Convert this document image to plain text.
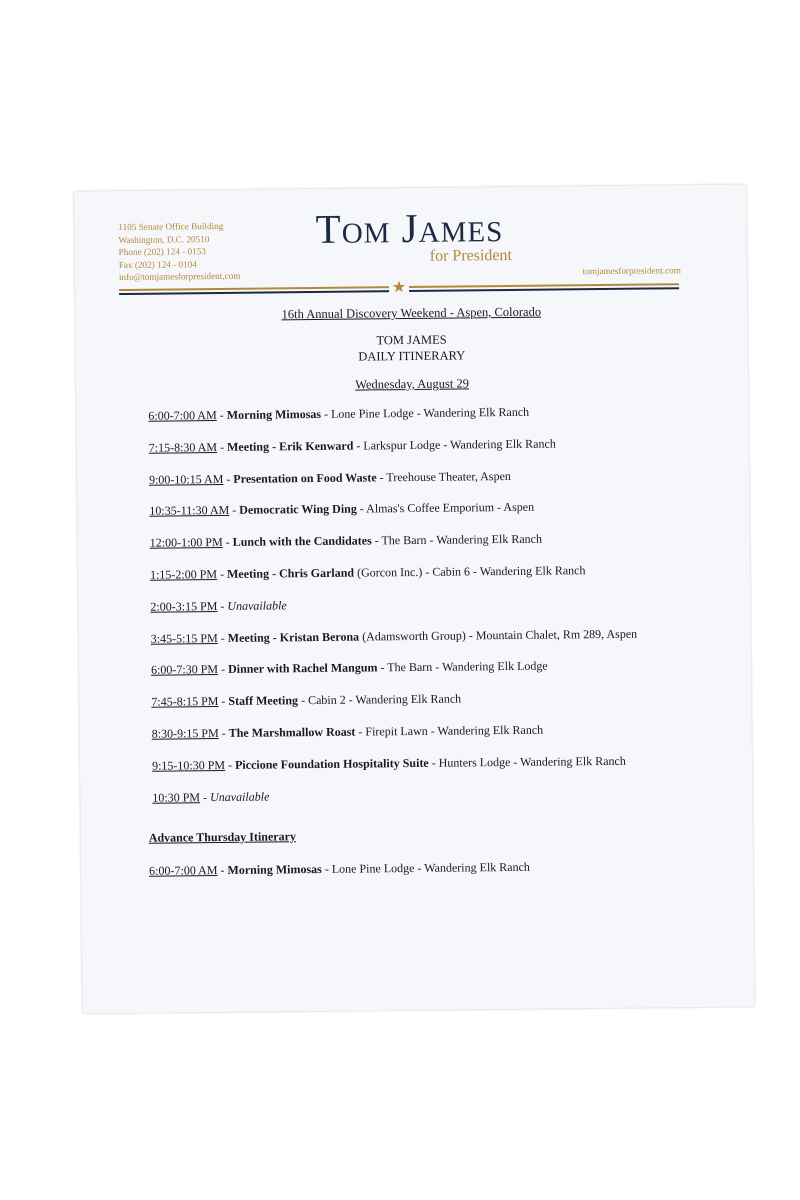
1105 Senate Office Building
Washington, D.C. 20510
Phone (202) 124 - 0153
Fax (202) 124 - 0104
info@tomjamesforpresident.com
Tom James
for President
tomjamesforpresident.com
★
16th Annual Discovery Weekend - Aspen, Colorado
TOM JAMES
DAILY ITINERARY
Wednesday, August 29
6:00-7:00 AM - Morning Mimosas - Lone Pine Lodge - Wandering Elk Ranch
7:15-8:30 AM - Meeting - Erik Kenward - Larkspur Lodge - Wandering Elk Ranch
9:00-10:15 AM - Presentation on Food Waste - Treehouse Theater, Aspen
10:35-11:30 AM - Democratic Wing Ding - Almas's Coffee Emporium - Aspen
12:00-1:00 PM - Lunch with the Candidates - The Barn - Wandering Elk Ranch
1:15-2:00 PM - Meeting - Chris Garland (Gorcon Inc.) - Cabin 6 - Wandering Elk Ranch
2:00-3:15 PM - Unavailable
3:45-5:15 PM - Meeting - Kristan Berona (Adamsworth Group) - Mountain Chalet, Rm 289, Aspen
6:00-7:30 PM - Dinner with Rachel Mangum - The Barn - Wandering Elk Lodge
7:45-8:15 PM - Staff Meeting - Cabin 2 - Wandering Elk Ranch
8:30-9:15 PM - The Marshmallow Roast - Firepit Lawn - Wandering Elk Ranch
9:15-10:30 PM - Piccione Foundation Hospitality Suite - Hunters Lodge - Wandering Elk Ranch
10:30 PM - Unavailable
Advance Thursday Itinerary
6:00-7:00 AM - Morning Mimosas - Lone Pine Lodge - Wandering Elk Ranch
